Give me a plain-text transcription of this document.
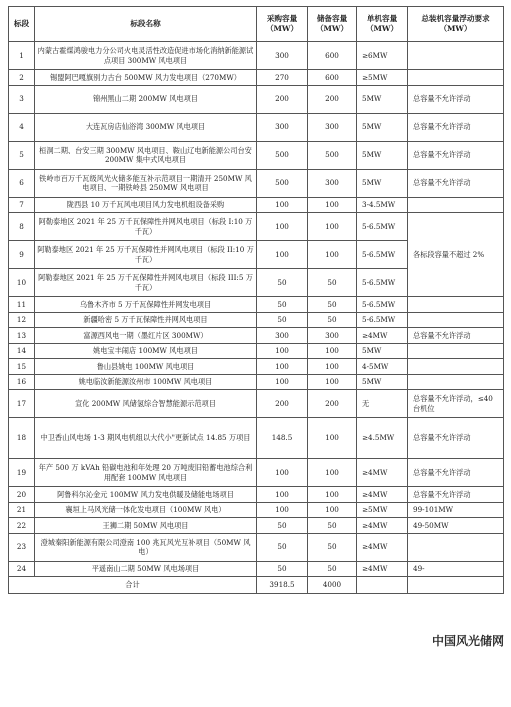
标段	标段名称	采购容量（MW）	储备容量（MW）	单机容量（MW）	总装机容量浮动要求（MW）
1	内蒙古霍煤鸿骏电力分公司火电灵活性改造促进市场化消纳新能源试点项目 300MW 风电项目	300	600	≥6MW	
2	锡盟阿巴嘎旗别力古台 500MW 风力发电项目（270MW）	270	600	≥5MW	
3	锦州黑山二期 200MW 风电项目	200	200	5MW	总容量不允许浮动
4	大连瓦房店仙浴湾 300MW 风电项目	300	300	5MW	总容量不允许浮动
5	桓洞二期、台安三期 300MW 风电项目、鞍山辽电新能源公司台安 200MW 集中式风电项目	500	500	5MW	总容量不允许浮动
6	铁岭市百万千瓦级风光火储多能互补示范项目一期清开 250MW 风电项目、一期铁岭县 250MW 风电项目	500	300	5MW	总容量不允许浮动
7	陇西县 10 万千瓦风电项目风力发电机组设备采购	100	100	3-4.5MW	
8	阿勒泰地区 2021 年 25 万千瓦保障性并网风电项目（标段 I:10 万千瓦）	100	100	5-6.5MW	各标段容量不超过 2%
9	阿勒泰地区 2021 年 25 万千瓦保障性并网风电项目（标段 II:10 万千瓦）	100	100	5-6.5MW	
10	阿勒泰地区 2021 年 25 万千瓦保障性并网风电项目（标段 III:5 万千瓦）	50	50	5-6.5MW	
11	乌鲁木齐市 5 万千瓦保障性并网发电项目	50	50	5-6.5MW	
12	新疆哈密 5 万千瓦保障性并网风电项目	50	50	5-6.5MW	
13	富源西风电一期（墨红片区 300MW）	300	300	≥4MW	总容量不允许浮动
14	姚电宝丰闹店 100MW 风电项目	100	100	5MW	
15	鲁山县姚电 100MW 风电项目	100	100	4-5MW	
16	姚电临汝新能源汝州市 100MW 风电项目	100	100	5MW	
17	宣化 200MW 风储氢综合智慧能源示范项目	200	200	无	总容量不允许浮动，≤40 台机位
18	中卫香山风电场 1-3 期风电机组以大代小"更新试点 14.85 万项目	148.5	100	≥4.5MW	总容量不允许浮动
19	年产 500 万 kVAh 铅碳电池和年处理 20 万吨废旧铅蓄电池综合利用配套 100MW 风电项目	100	100	≥4MW	总容量不允许浮动
20	阿鲁科尔沁金元 100MW 风力发电供暖及储能电场项目	100	100	≥4MW	总容量不允许浮动
21	襄垣上马风光储一体化发电项目（100MW 风电）	100	100	≥5MW	99-101MW
22	王狮二期 50MW 风电项目	50	50	≥4MW	49-50MW
23	澄城秦阳新能源有限公司澄南 100 兆瓦风光互补项目（50MW 风电）	50	50	≥4MW	
24	平遥南山二期 50MW 风电场项目	50	50	≥4MW	49-
合计		3918.5	4000		
中国风光储网
